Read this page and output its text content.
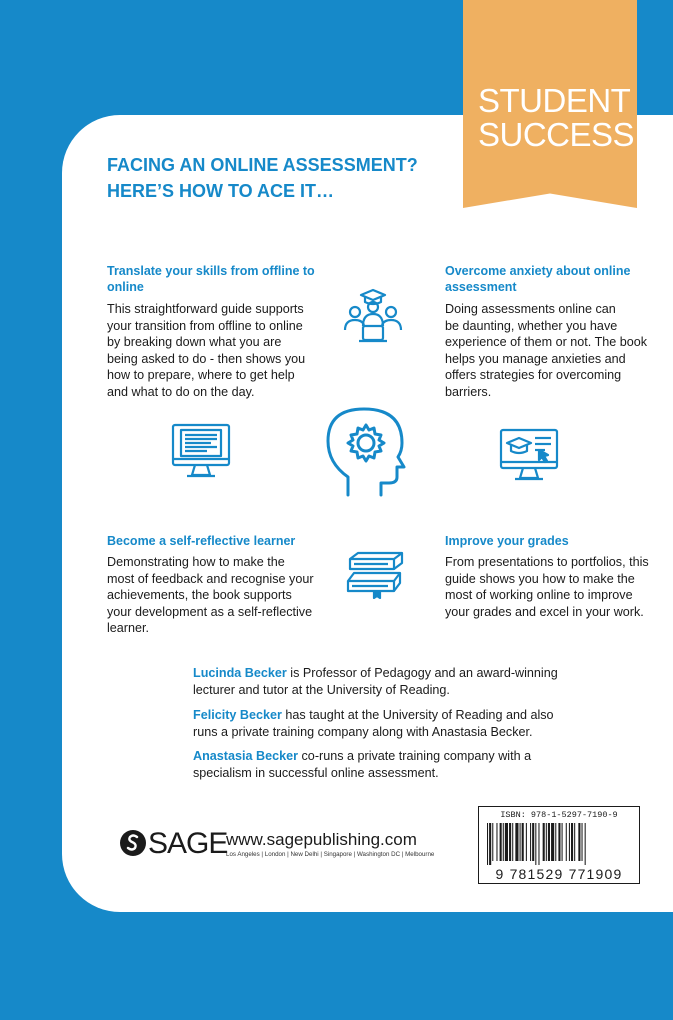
STUDENT
SUCCESS
FACING AN ONLINE ASSESSMENT?
HERE’S HOW TO ACE IT…
Translate your skills from offline to
online
This straightforward guide supports
your transition from offline to online
by breaking down what you are
being asked to do - then shows you
how to prepare, where to get help
and what to do on the day.
Overcome anxiety about online
assessment
Doing assessments online can
be daunting, whether you have
experience of them or not. The book
helps you manage anxieties and
offers strategies for overcoming
barriers.
Become a self-reflective learner
Demonstrating how to make the
most of feedback and recognise your
achievements, the book supports
your development as a self-reflective
learner.
Improve your grades
From presentations to portfolios, this
guide shows you how to make the
most of working online to improve
your grades and excel in your work.
Lucinda Becker is Professor of Pedagogy and an award-winning
lecturer and tutor at the University of Reading.
Felicity Becker has taught at the University of Reading and also
runs a private training company along with Anastasia Becker.
Anastasia Becker co-runs a private training company with a
specialism in successful online assessment.
SAGE
www.sagepublishing.com
Los Angeles | London | New Delhi | Singapore | Washington DC | Melbourne
ISBN: 978-1-5297-7190-9
9 781529 771909
